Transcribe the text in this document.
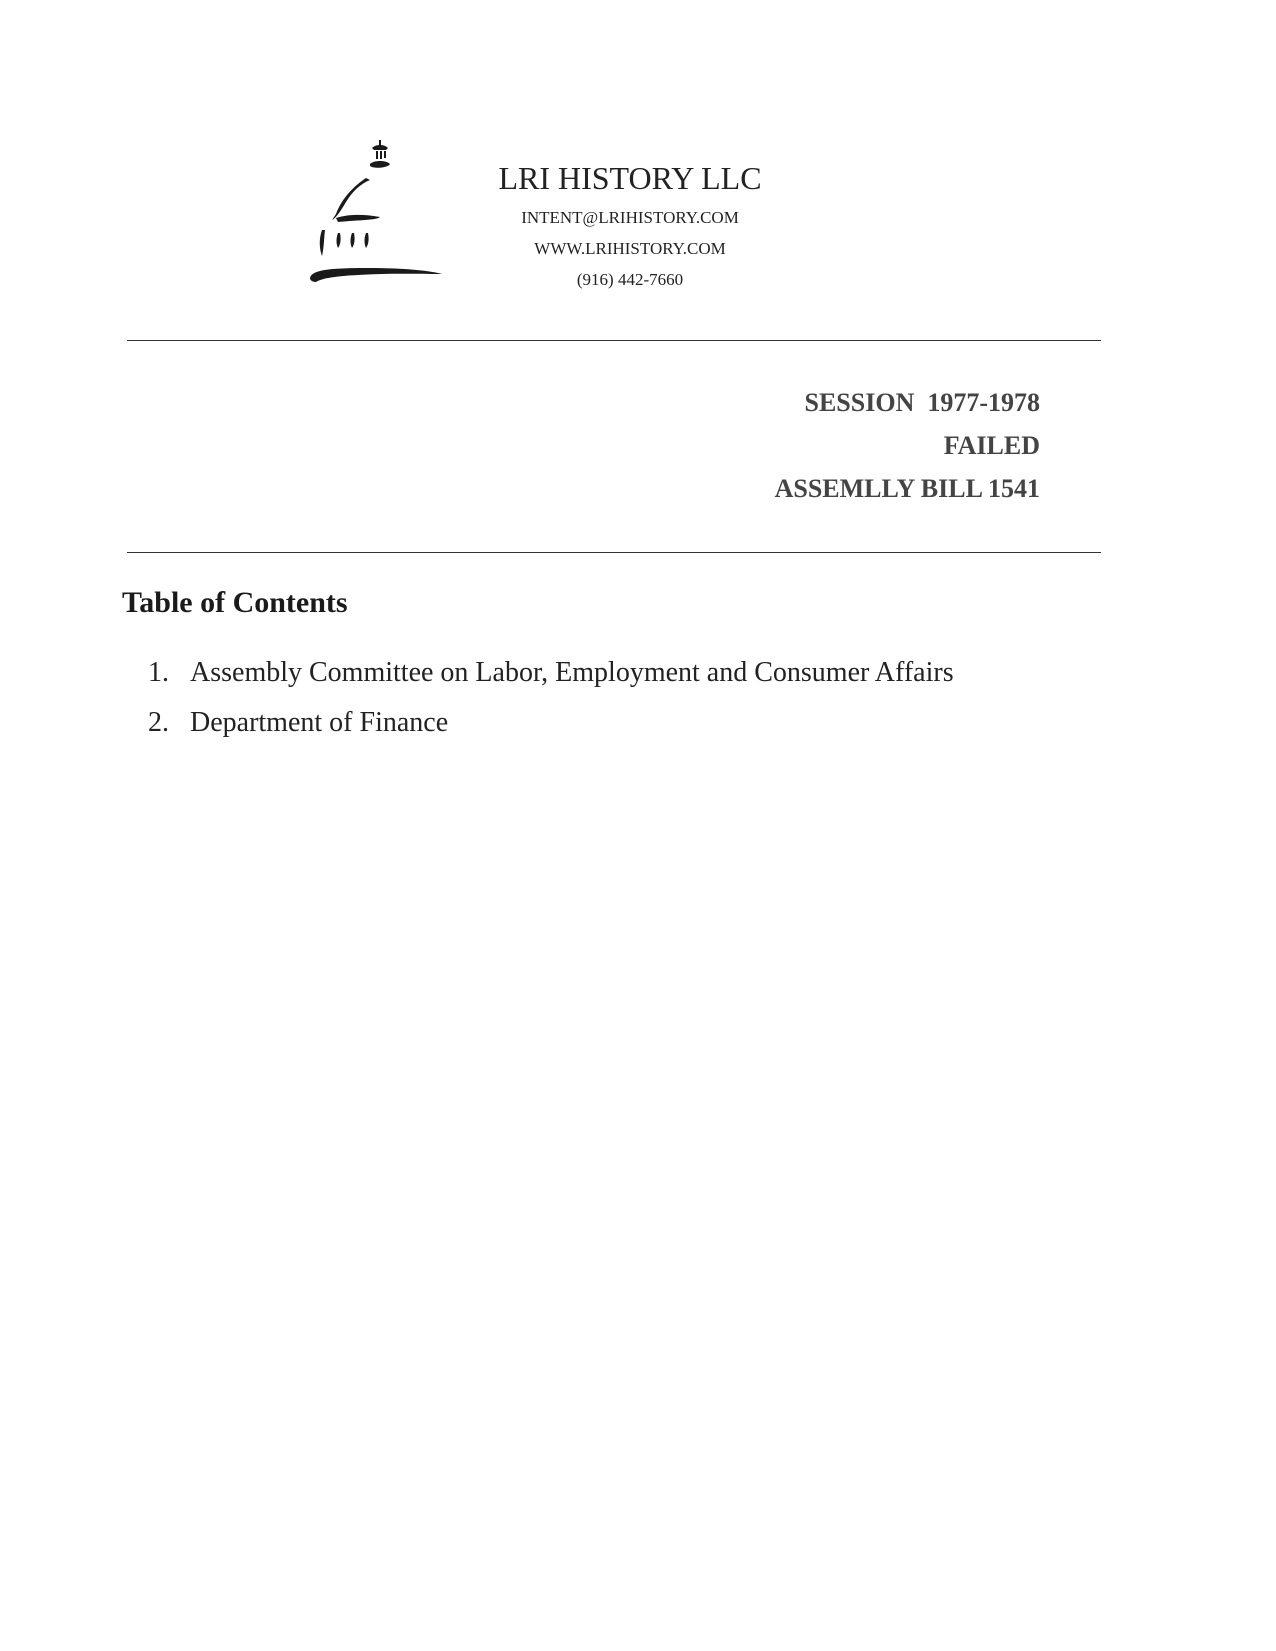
LRI HISTORY LLC
INTENT@LRIHISTORY.COM
WWW.LRIHISTORY.COM
(916) 442-7660
SESSION  1977-1978
FAILED
ASSEMLLY BILL 1541
Table of Contents
1. Assembly Committee on Labor, Employment and Consumer Affairs
2. Department of Finance
